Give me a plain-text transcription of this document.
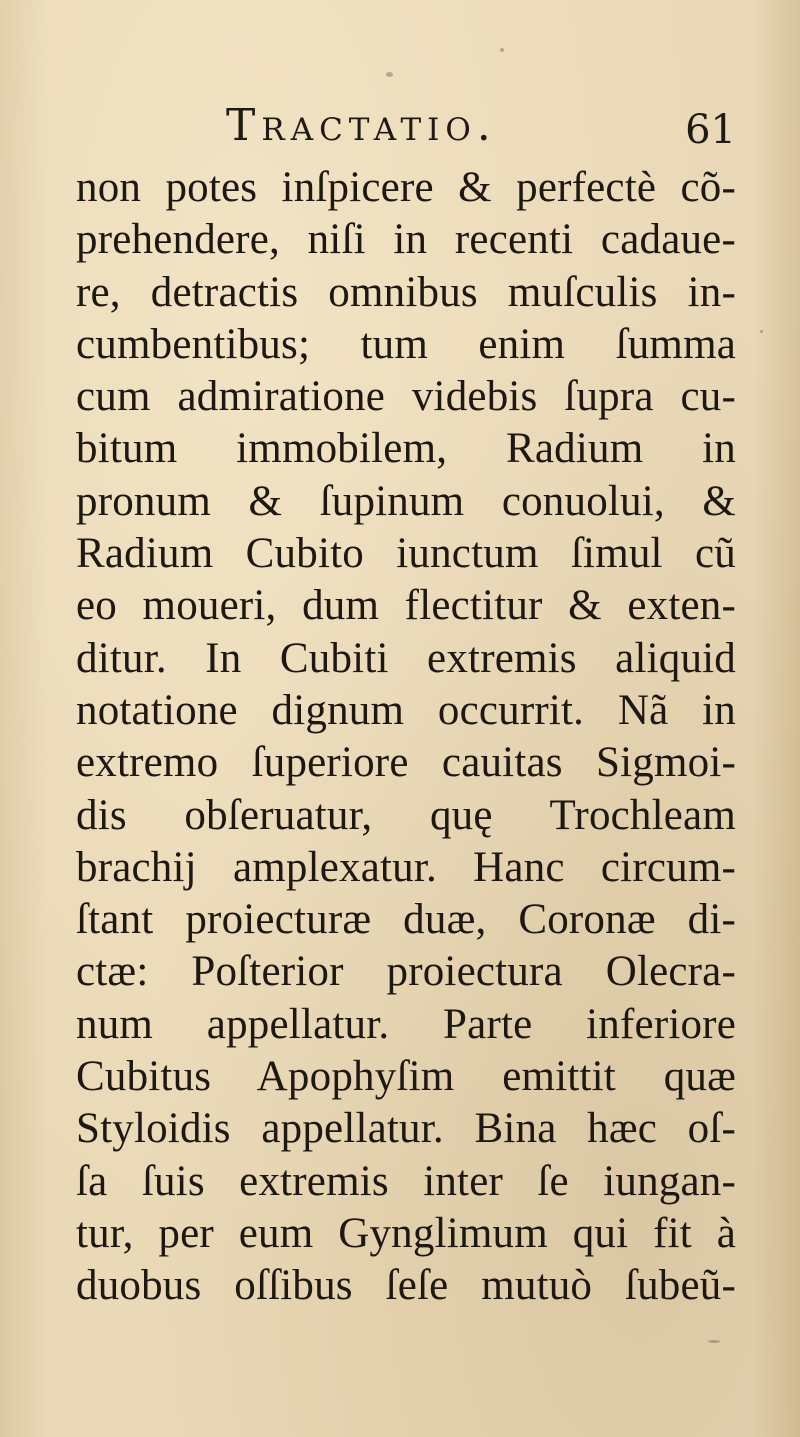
Tractatio.	61
non potes inſpicere & perfectè cõ-
prehendere, niſi in recenti cadaue-
re, detractis omnibus muſculis in-
cumbentibus; tum enim ſumma
cum admiratione videbis ſupra cu-
bitum immobilem, Radium in
pronum & ſupinum conuolui, &
Radium Cubito iunctum ſimul cũ
eo moueri, dum flectitur & exten-
ditur. In Cubiti extremis aliquid
notatione dignum occurrit. Nã in
extremo ſuperiore cauitas Sigmoi-
dis obſeruatur, quę Trochleam
brachij amplexatur. Hanc circum-
ſtant proiecturæ duæ, Coronæ di-
ctæ: Poſterior proiectura Olecra-
num appellatur. Parte inferiore
Cubitus Apophyſim emittit quæ
Styloidis appellatur. Bina hæc oſ-
ſa ſuis extremis inter ſe iungan-
tur, per eum Gynglimum qui fit à
duobus oſſibus ſeſe mutuò ſubeũ-
